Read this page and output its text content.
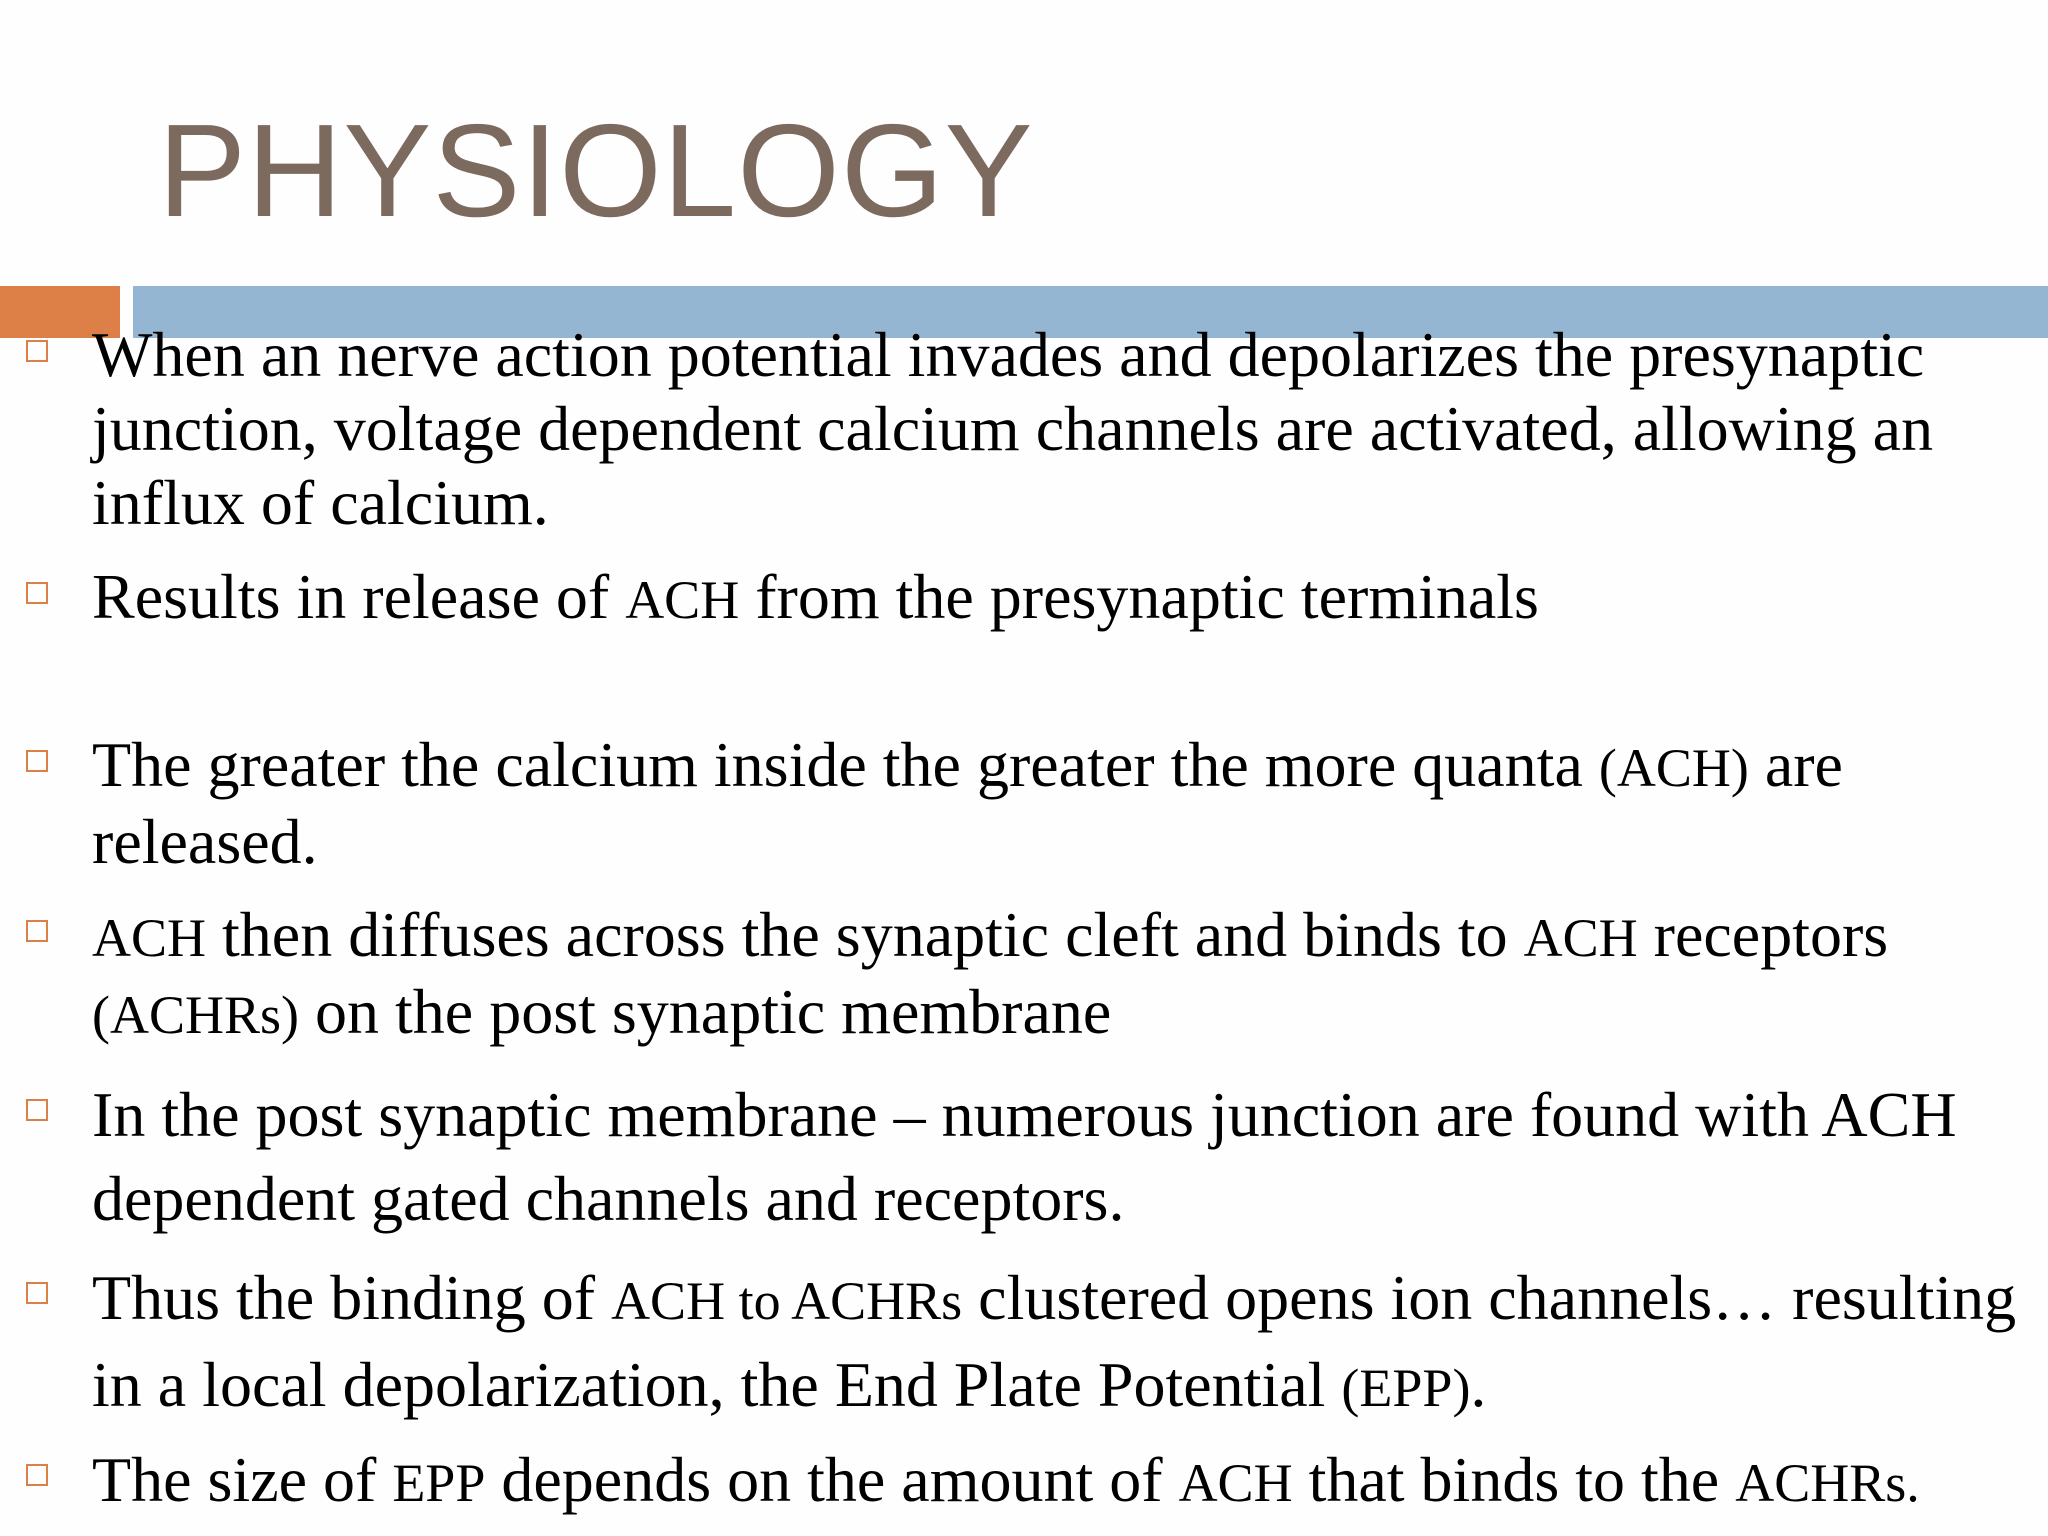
PHYSIOLOGY
When an nerve action potential invades and depolarizes the presynaptic junction, voltage dependent calcium channels are activated, allowing an influx of calcium.
Results in release of ACH from the presynaptic terminals
The greater the calcium inside the greater the more quanta (ACH) are released.
ACH then diffuses across the synaptic cleft and binds to ACH receptors (ACHRs) on the post synaptic membrane
In the post synaptic membrane – numerous junction are found with ACH dependent gated channels and receptors.
Thus the binding of ACH to ACHRs clustered opens ion channels… resulting in a local depolarization, the End Plate Potential (EPP).
The size of EPP depends on the amount of ACH that binds to the ACHRs.
